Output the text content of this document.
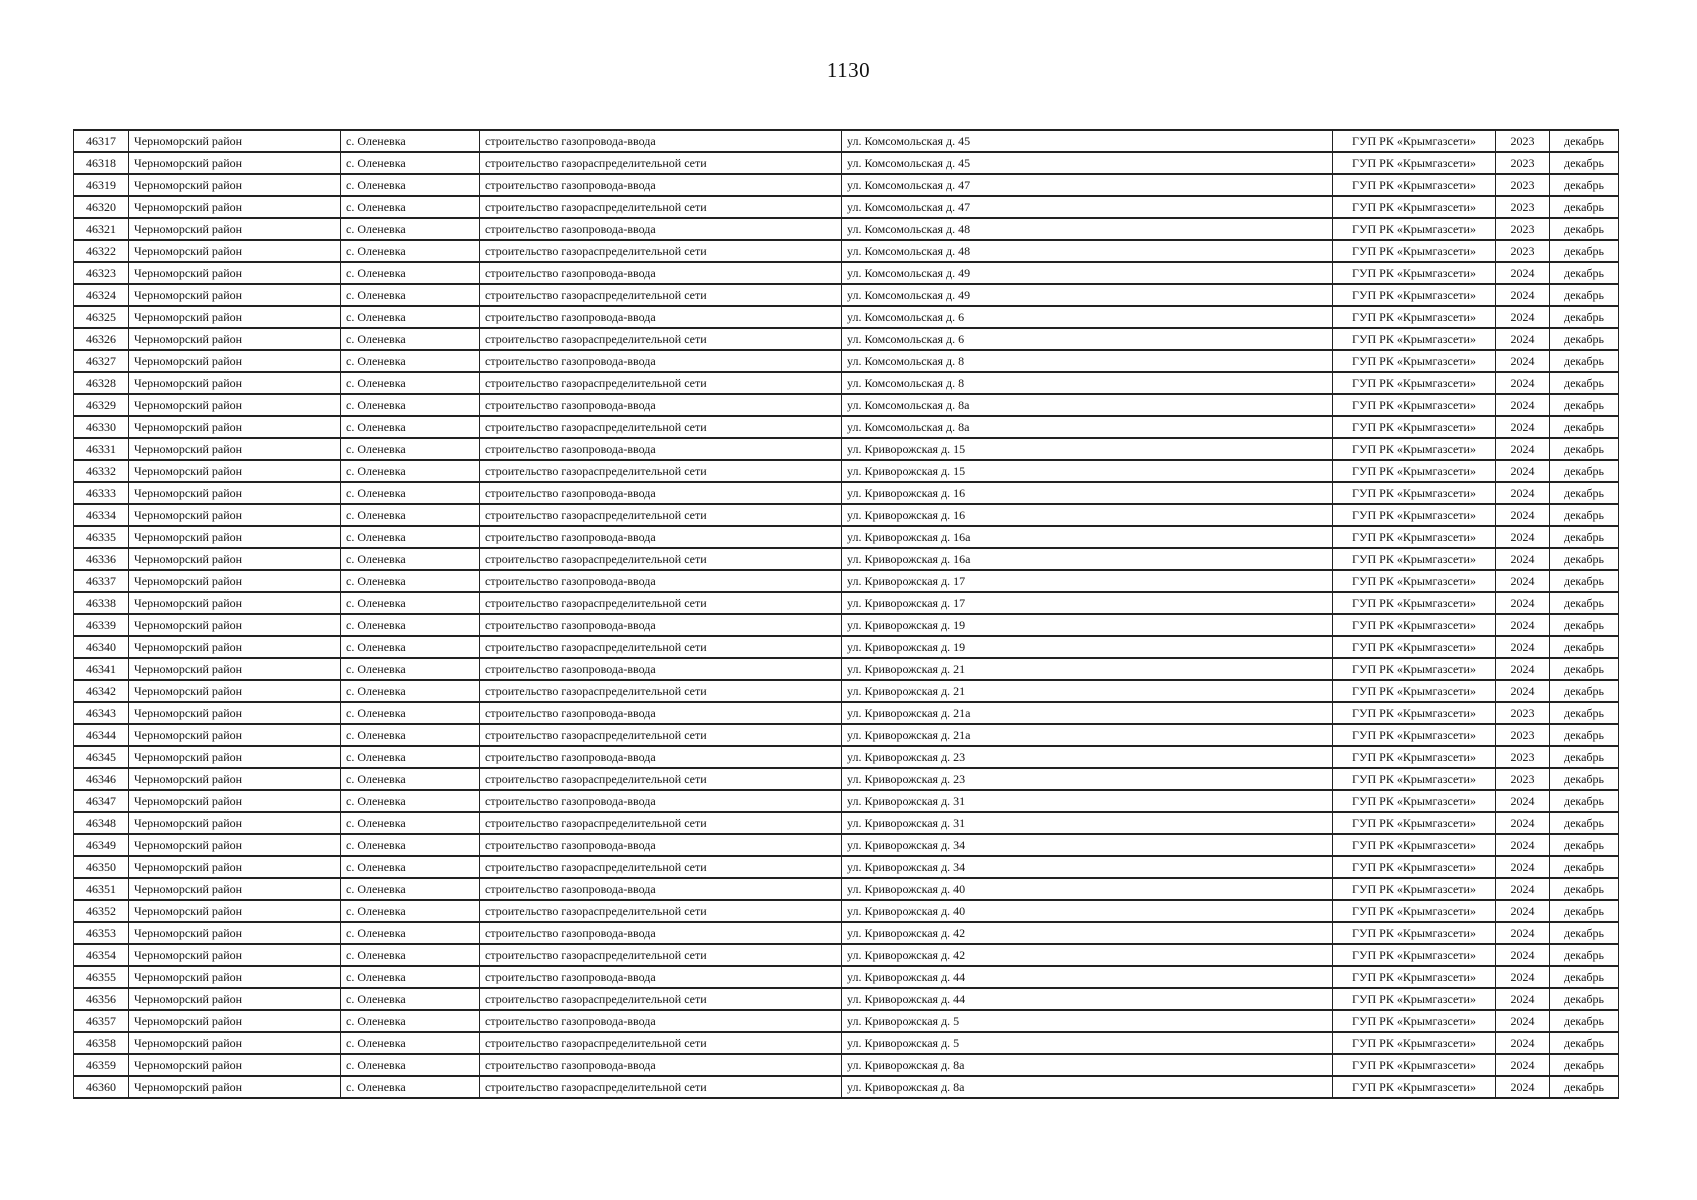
1130
46317	Черноморский район	с. Оленевка	строительство газопровода-ввода	ул. Комсомольская д. 45	ГУП РК «Крымгазсети»	2023	декабрь
46318	Черноморский район	с. Оленевка	строительство газораспределительной сети	ул. Комсомольская д. 45	ГУП РК «Крымгазсети»	2023	декабрь
46319	Черноморский район	с. Оленевка	строительство газопровода-ввода	ул. Комсомольская д. 47	ГУП РК «Крымгазсети»	2023	декабрь
46320	Черноморский район	с. Оленевка	строительство газораспределительной сети	ул. Комсомольская д. 47	ГУП РК «Крымгазсети»	2023	декабрь
46321	Черноморский район	с. Оленевка	строительство газопровода-ввода	ул. Комсомольская д. 48	ГУП РК «Крымгазсети»	2023	декабрь
46322	Черноморский район	с. Оленевка	строительство газораспределительной сети	ул. Комсомольская д. 48	ГУП РК «Крымгазсети»	2023	декабрь
46323	Черноморский район	с. Оленевка	строительство газопровода-ввода	ул. Комсомольская д. 49	ГУП РК «Крымгазсети»	2024	декабрь
46324	Черноморский район	с. Оленевка	строительство газораспределительной сети	ул. Комсомольская д. 49	ГУП РК «Крымгазсети»	2024	декабрь
46325	Черноморский район	с. Оленевка	строительство газопровода-ввода	ул. Комсомольская д. 6	ГУП РК «Крымгазсети»	2024	декабрь
46326	Черноморский район	с. Оленевка	строительство газораспределительной сети	ул. Комсомольская д. 6	ГУП РК «Крымгазсети»	2024	декабрь
46327	Черноморский район	с. Оленевка	строительство газопровода-ввода	ул. Комсомольская д. 8	ГУП РК «Крымгазсети»	2024	декабрь
46328	Черноморский район	с. Оленевка	строительство газораспределительной сети	ул. Комсомольская д. 8	ГУП РК «Крымгазсети»	2024	декабрь
46329	Черноморский район	с. Оленевка	строительство газопровода-ввода	ул. Комсомольская д. 8а	ГУП РК «Крымгазсети»	2024	декабрь
46330	Черноморский район	с. Оленевка	строительство газораспределительной сети	ул. Комсомольская д. 8а	ГУП РК «Крымгазсети»	2024	декабрь
46331	Черноморский район	с. Оленевка	строительство газопровода-ввода	ул. Криворожская д. 15	ГУП РК «Крымгазсети»	2024	декабрь
46332	Черноморский район	с. Оленевка	строительство газораспределительной сети	ул. Криворожская д. 15	ГУП РК «Крымгазсети»	2024	декабрь
46333	Черноморский район	с. Оленевка	строительство газопровода-ввода	ул. Криворожская д. 16	ГУП РК «Крымгазсети»	2024	декабрь
46334	Черноморский район	с. Оленевка	строительство газораспределительной сети	ул. Криворожская д. 16	ГУП РК «Крымгазсети»	2024	декабрь
46335	Черноморский район	с. Оленевка	строительство газопровода-ввода	ул. Криворожская д. 16а	ГУП РК «Крымгазсети»	2024	декабрь
46336	Черноморский район	с. Оленевка	строительство газораспределительной сети	ул. Криворожская д. 16а	ГУП РК «Крымгазсети»	2024	декабрь
46337	Черноморский район	с. Оленевка	строительство газопровода-ввода	ул. Криворожская д. 17	ГУП РК «Крымгазсети»	2024	декабрь
46338	Черноморский район	с. Оленевка	строительство газораспределительной сети	ул. Криворожская д. 17	ГУП РК «Крымгазсети»	2024	декабрь
46339	Черноморский район	с. Оленевка	строительство газопровода-ввода	ул. Криворожская д. 19	ГУП РК «Крымгазсети»	2024	декабрь
46340	Черноморский район	с. Оленевка	строительство газораспределительной сети	ул. Криворожская д. 19	ГУП РК «Крымгазсети»	2024	декабрь
46341	Черноморский район	с. Оленевка	строительство газопровода-ввода	ул. Криворожская д. 21	ГУП РК «Крымгазсети»	2024	декабрь
46342	Черноморский район	с. Оленевка	строительство газораспределительной сети	ул. Криворожская д. 21	ГУП РК «Крымгазсети»	2024	декабрь
46343	Черноморский район	с. Оленевка	строительство газопровода-ввода	ул. Криворожская д. 21а	ГУП РК «Крымгазсети»	2023	декабрь
46344	Черноморский район	с. Оленевка	строительство газораспределительной сети	ул. Криворожская д. 21а	ГУП РК «Крымгазсети»	2023	декабрь
46345	Черноморский район	с. Оленевка	строительство газопровода-ввода	ул. Криворожская д. 23	ГУП РК «Крымгазсети»	2023	декабрь
46346	Черноморский район	с. Оленевка	строительство газораспределительной сети	ул. Криворожская д. 23	ГУП РК «Крымгазсети»	2023	декабрь
46347	Черноморский район	с. Оленевка	строительство газопровода-ввода	ул. Криворожская д. 31	ГУП РК «Крымгазсети»	2024	декабрь
46348	Черноморский район	с. Оленевка	строительство газораспределительной сети	ул. Криворожская д. 31	ГУП РК «Крымгазсети»	2024	декабрь
46349	Черноморский район	с. Оленевка	строительство газопровода-ввода	ул. Криворожская д. 34	ГУП РК «Крымгазсети»	2024	декабрь
46350	Черноморский район	с. Оленевка	строительство газораспределительной сети	ул. Криворожская д. 34	ГУП РК «Крымгазсети»	2024	декабрь
46351	Черноморский район	с. Оленевка	строительство газопровода-ввода	ул. Криворожская д. 40	ГУП РК «Крымгазсети»	2024	декабрь
46352	Черноморский район	с. Оленевка	строительство газораспределительной сети	ул. Криворожская д. 40	ГУП РК «Крымгазсети»	2024	декабрь
46353	Черноморский район	с. Оленевка	строительство газопровода-ввода	ул. Криворожская д. 42	ГУП РК «Крымгазсети»	2024	декабрь
46354	Черноморский район	с. Оленевка	строительство газораспределительной сети	ул. Криворожская д. 42	ГУП РК «Крымгазсети»	2024	декабрь
46355	Черноморский район	с. Оленевка	строительство газопровода-ввода	ул. Криворожская д. 44	ГУП РК «Крымгазсети»	2024	декабрь
46356	Черноморский район	с. Оленевка	строительство газораспределительной сети	ул. Криворожская д. 44	ГУП РК «Крымгазсети»	2024	декабрь
46357	Черноморский район	с. Оленевка	строительство газопровода-ввода	ул. Криворожская д. 5	ГУП РК «Крымгазсети»	2024	декабрь
46358	Черноморский район	с. Оленевка	строительство газораспределительной сети	ул. Криворожская д. 5	ГУП РК «Крымгазсети»	2024	декабрь
46359	Черноморский район	с. Оленевка	строительство газопровода-ввода	ул. Криворожская д. 8а	ГУП РК «Крымгазсети»	2024	декабрь
46360	Черноморский район	с. Оленевка	строительство газораспределительной сети	ул. Криворожская д. 8а	ГУП РК «Крымгазсети»	2024	декабрь
